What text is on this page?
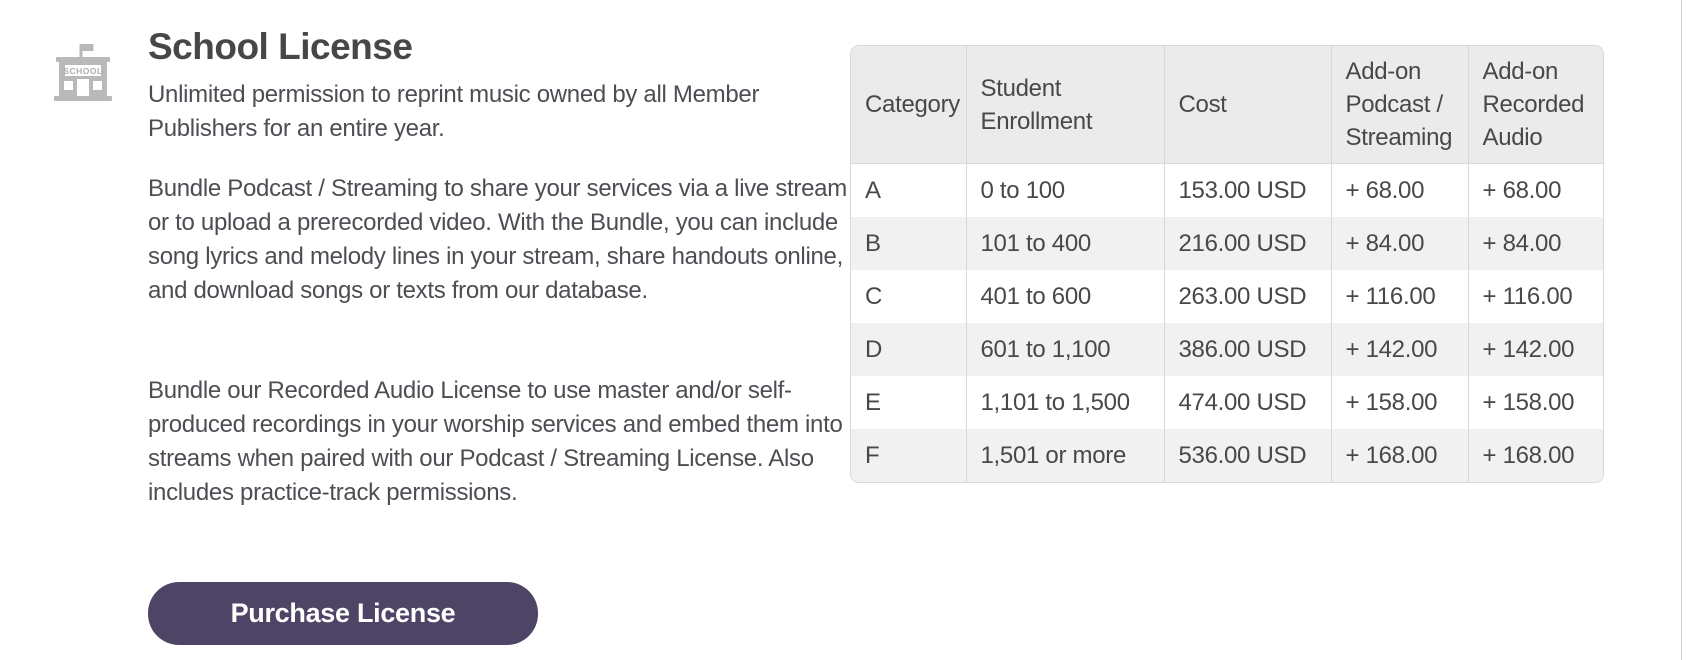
SCHOOL
School License

Unlimited permission to reprint music owned by all Member Publishers for an entire year.

Bundle Podcast / Streaming to share your services via a live stream or to upload a prerecorded video. With the Bundle, you can include song lyrics and melody lines in your stream, share handouts online, and download songs or texts from our database.

Bundle our Recorded Audio License to use master and/or self-produced recordings in your worship services and embed them into streams when paired with our Podcast / Streaming License. Also includes practice-track permissions.

Purchase License
Category	Student Enrollment	Cost	Add-on Podcast / Streaming	Add-on Recorded Audio
A	0 to 100	153.00 USD	+ 68.00	+ 68.00
B	101 to 400	216.00 USD	+ 84.00	+ 84.00
C	401 to 600	263.00 USD	+ 116.00	+ 116.00
D	601 to 1,100	386.00 USD	+ 142.00	+ 142.00
E	1,101 to 1,500	474.00 USD	+ 158.00	+ 158.00
F	1,501 or more	536.00 USD	+ 168.00	+ 168.00
